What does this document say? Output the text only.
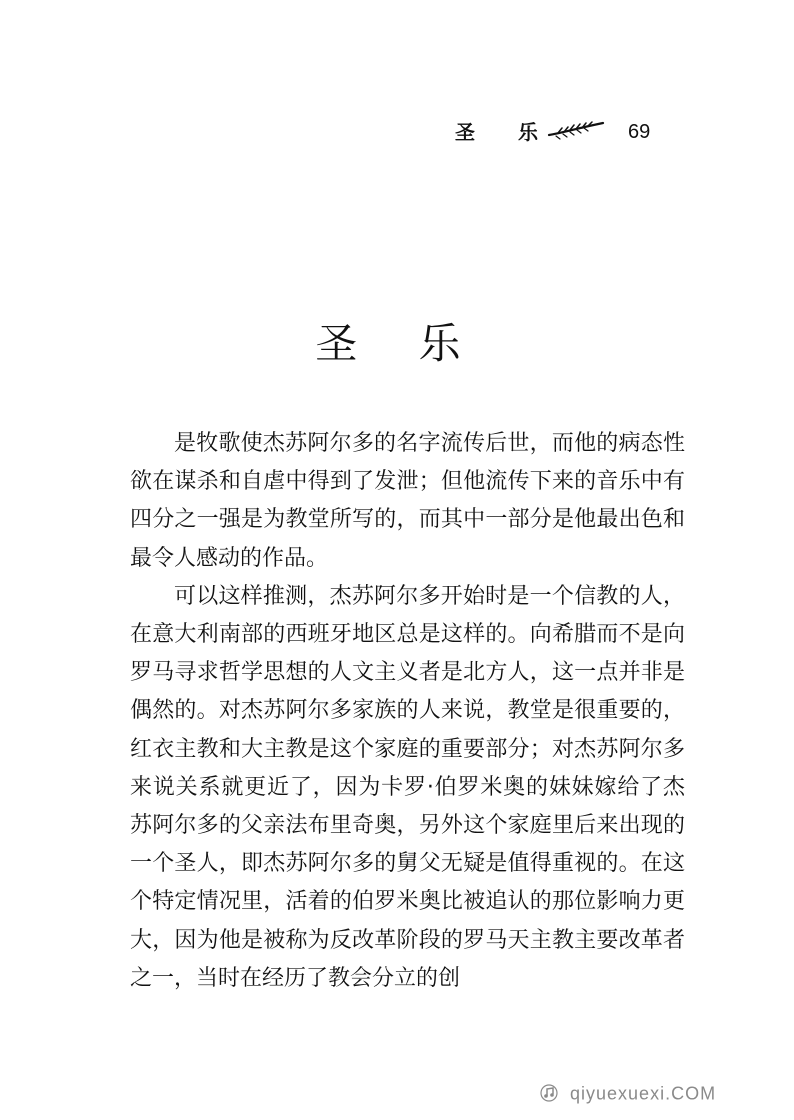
圣 乐	69
圣 乐

是牧歌使杰苏阿尔多的名字流传后世，而他的病态性欲在谋杀和自虐中得到了发泄；但他流传下来的音乐中有四分之一强是为教堂所写的，而其中一部分是他最出色和最令人感动的作品。

可以这样推测，杰苏阿尔多开始时是一个信教的人，在意大利南部的西班牙地区总是这样的。向希腊而不是向罗马寻求哲学思想的人文主义者是北方人，这一点并非是偶然的。对杰苏阿尔多家族的人来说，教堂是很重要的，红衣主教和大主教是这个家庭的重要部分；对杰苏阿尔多来说关系就更近了，因为卡罗·伯罗米奥的妹妹嫁给了杰苏阿尔多的父亲法布里奇奥，另外这个家庭里后来出现的一个圣人，即杰苏阿尔多的舅父无疑是值得重视的。在这个特定情况里，活着的伯罗米奥比被追认的那位影响力更大，因为他是被称为反改革阶段的罗马天主教主要改革者之一，当时在经历了教会分立的创

qiyuexuexi.COM
